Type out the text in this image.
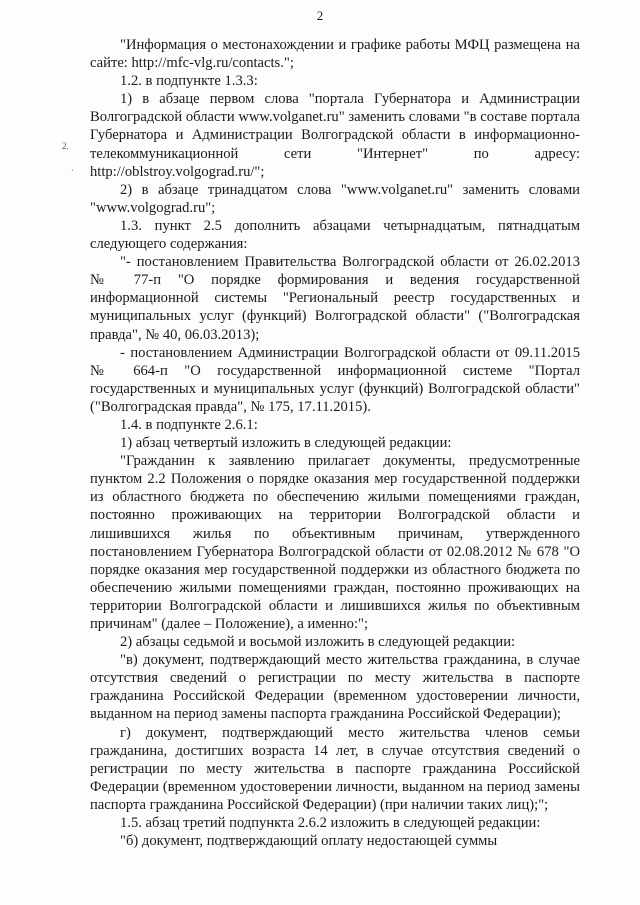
2
2.
`

"Информация о местонахождении и графике работы МФЦ размещена на сайте: http://mfc-vlg.ru/contacts.";

1.2. в подпункте 1.3.3:

1) в абзаце первом слова "портала Губернатора и Администрации Волгоградской области www.volganet.ru" заменить словами "в составе портала Губернатора и Администрации Волгоградской области в информационно-телекоммуникационной сети "Интернет" по адресу: http://oblstroy.volgograd.ru/";

2) в абзаце тринадцатом слова "www.volganet.ru" заменить словами "www.volgograd.ru";

1.3. пункт 2.5 дополнить абзацами четырнадцатым, пятнадцатым следующего содержания:

"- постановлением Правительства Волгоградской области от 26.02.2013 № 77-п "О порядке формирования и ведения государственной информационной системы "Региональный реестр государственных и муниципальных услуг (функций) Волгоградской области" ("Волгоградская правда", № 40, 06.03.2013);

- постановлением Администрации Волгоградской области от 09.11.2015 № 664-п "О государственной информационной системе "Портал государственных и муниципальных услуг (функций) Волгоградской области" ("Волгоградская правда", № 175, 17.11.2015).

1.4. в подпункте 2.6.1:

1) абзац четвертый изложить в следующей редакции:

"Гражданин к заявлению прилагает документы, предусмотренные пунктом 2.2 Положения о порядке оказания мер государственной поддержки из областного бюджета по обеспечению жилыми помещениями граждан, постоянно проживающих на территории Волгоградской области и лишившихся жилья по объективным причинам, утвержденного постановлением Губернатора Волгоградской области от 02.08.2012 № 678 "О порядке оказания мер государственной поддержки из областного бюджета по обеспечению жилыми помещениями граждан, постоянно проживающих на территории Волгоградской области и лишившихся жилья по объективным причинам" (далее – Положение), а именно:";

2) абзацы седьмой и восьмой изложить в следующей редакции:

"в) документ, подтверждающий место жительства гражданина, в случае отсутствия сведений о регистрации по месту жительства в паспорте гражданина Российской Федерации (временном удостоверении личности, выданном на период замены паспорта гражданина Российской Федерации);

г) документ, подтверждающий место жительства членов семьи гражданина, достигших возраста 14 лет, в случае отсутствия сведений о регистрации по месту жительства в паспорте гражданина Российской Федерации (временном удостоверении личности, выданном на период замены паспорта гражданина Российской Федерации) (при наличии таких лиц);";

1.5. абзац третий подпункта 2.6.2 изложить в следующей редакции:

"б) документ, подтверждающий оплату недостающей суммы
